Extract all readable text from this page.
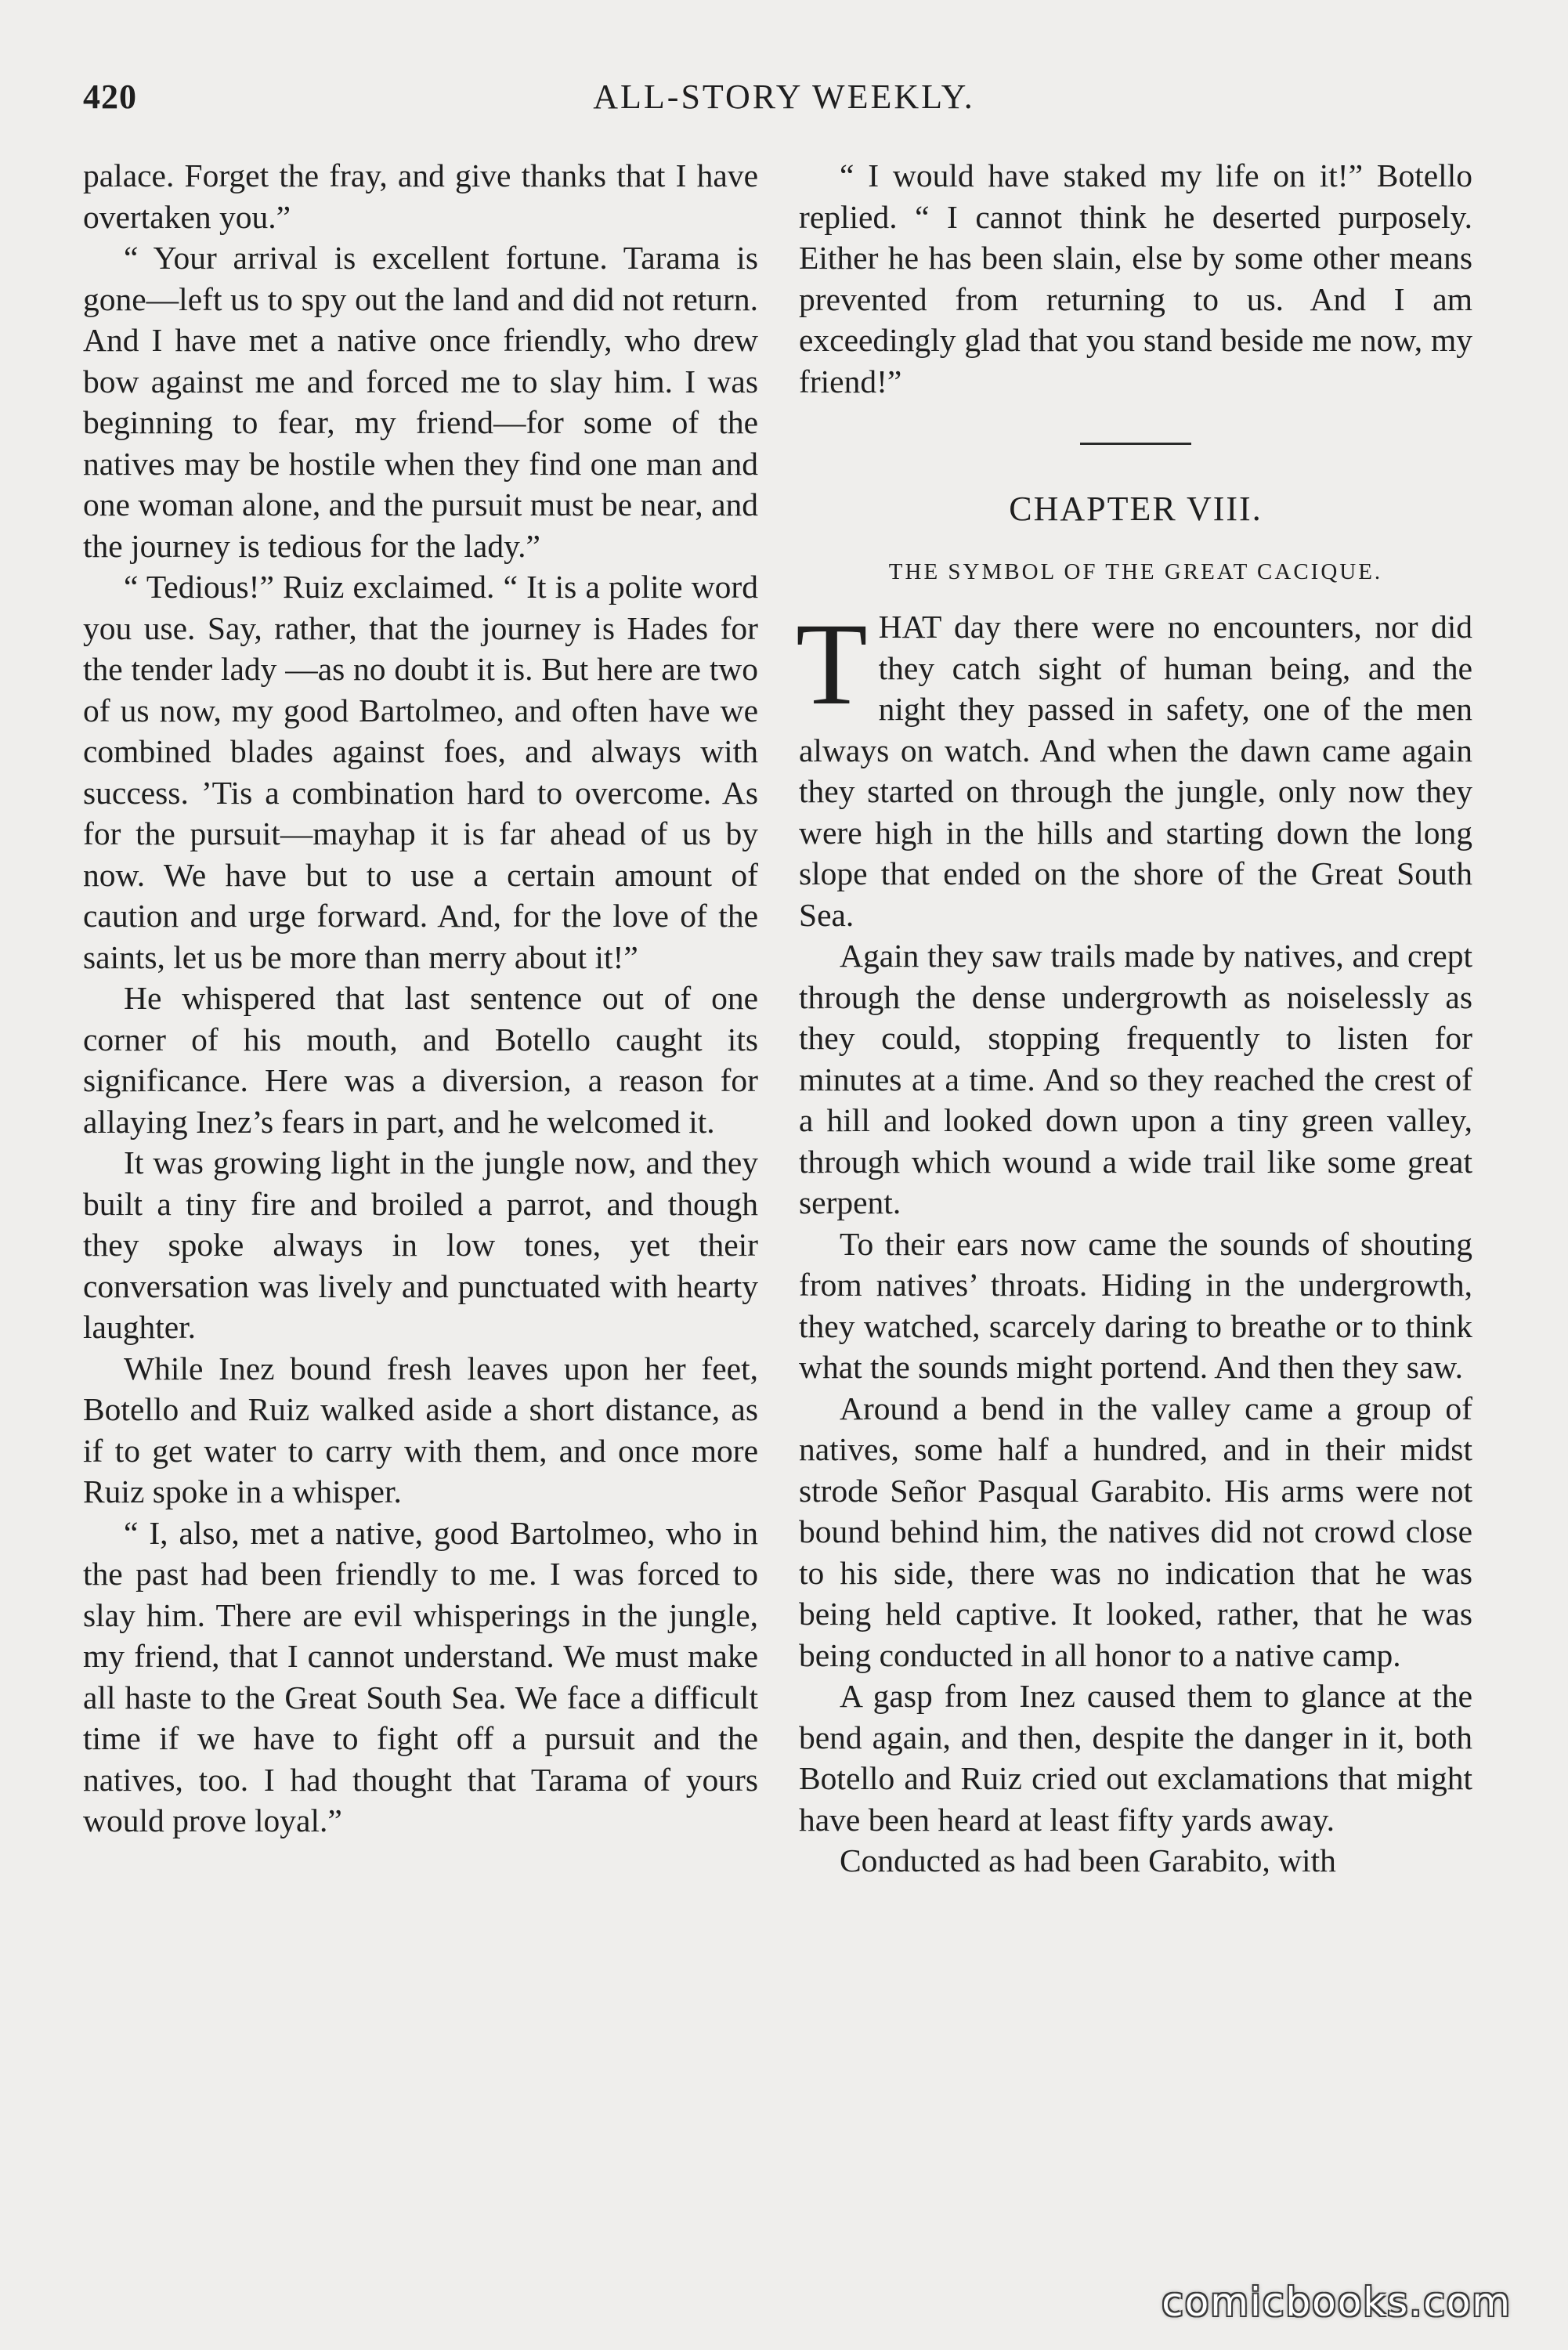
420	ALL-STORY WEEKLY.

palace. Forget the fray, and give thanks that I have overtaken you.”

“ Your arrival is excellent fortune. Tarama is gone—left us to spy out the land and did not return. And I have met a native once friendly, who drew bow against me and forced me to slay him. I was beginning to fear, my friend—for some of the natives may be hostile when they find one man and one woman alone, and the pursuit must be near, and the journey is tedious for the lady.”

“ Tedious!” Ruiz exclaimed. “ It is a polite word you use. Say, rather, that the journey is Hades for the tender lady —as no doubt it is. But here are two of us now, my good Bartolmeo, and often have we combined blades against foes, and always with success. ’Tis a combination hard to overcome. As for the pursuit—mayhap it is far ahead of us by now. We have but to use a certain amount of caution and urge forward. And, for the love of the saints, let us be more than merry about it!”

He whispered that last sentence out of one corner of his mouth, and Botello caught its significance. Here was a diversion, a reason for allaying Inez’s fears in part, and he welcomed it.

It was growing light in the jungle now, and they built a tiny fire and broiled a parrot, and though they spoke always in low tones, yet their conversation was lively and punctuated with hearty laughter.

While Inez bound fresh leaves upon her feet, Botello and Ruiz walked aside a short distance, as if to get water to carry with them, and once more Ruiz spoke in a whisper.

“ I, also, met a native, good Bartolmeo, who in the past had been friendly to me. I was forced to slay him. There are evil whisperings in the jungle, my friend, that I cannot understand. We must make all haste to the Great South Sea. We face a difficult time if we have to fight off a pursuit and the natives, too. I had thought that Tarama of yours would prove loyal.”

“ I would have staked my life on it!” Botello replied. “ I cannot think he deserted purposely. Either he has been slain, else by some other means prevented from returning to us. And I am exceedingly glad that you stand beside me now, my friend!”

CHAPTER VIII.
THE SYMBOL OF THE GREAT CACIQUE.

THAT day there were no encounters, nor did they catch sight of human being, and the night they passed in safety, one of the men always on watch. And when the dawn came again they started on through the jungle, only now they were high in the hills and starting down the long slope that ended on the shore of the Great South Sea.

Again they saw trails made by natives, and crept through the dense undergrowth as noiselessly as they could, stopping frequently to listen for minutes at a time. And so they reached the crest of a hill and looked down upon a tiny green valley, through which wound a wide trail like some great serpent.

To their ears now came the sounds of shouting from natives’ throats. Hiding in the undergrowth, they watched, scarcely daring to breathe or to think what the sounds might portend. And then they saw.

Around a bend in the valley came a group of natives, some half a hundred, and in their midst strode Señor Pasqual Garabito. His arms were not bound behind him, the natives did not crowd close to his side, there was no indication that he was being held captive. It looked, rather, that he was being conducted in all honor to a native camp.

A gasp from Inez caused them to glance at the bend again, and then, despite the danger in it, both Botello and Ruiz cried out exclamations that might have been heard at least fifty yards away.

Conducted as had been Garabito, with

comicbooks.com
